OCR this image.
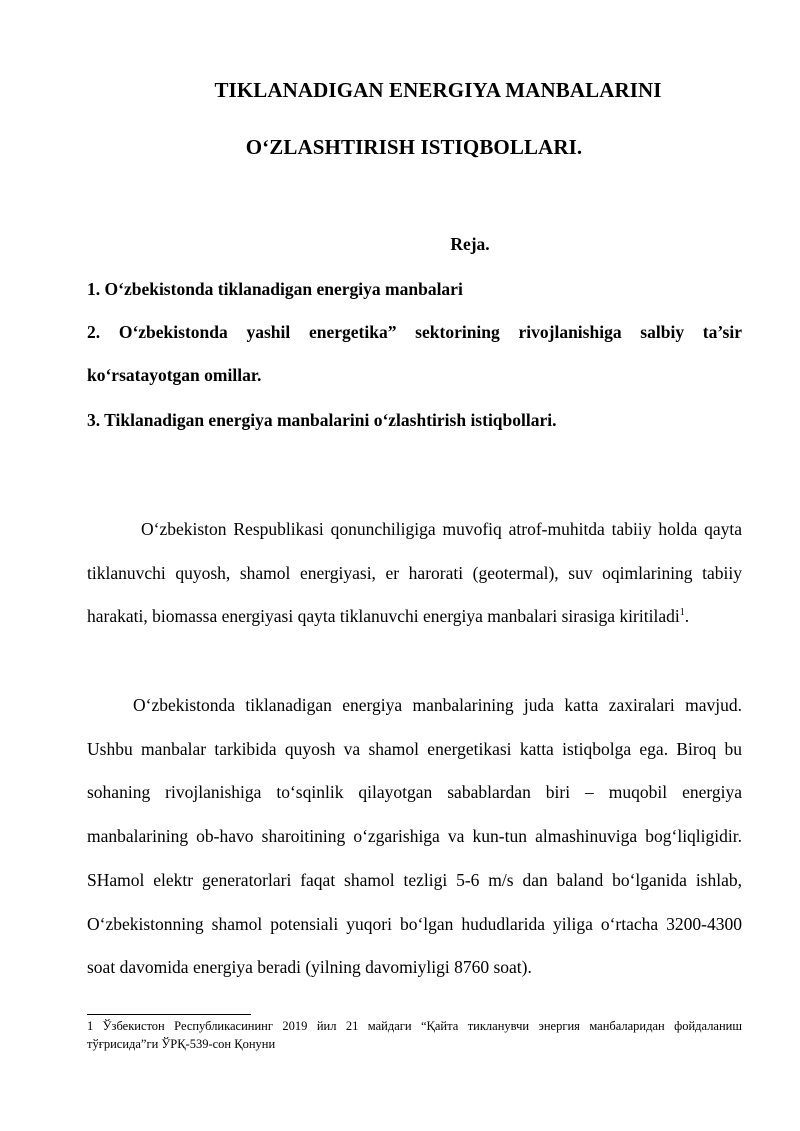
TIKLANADIGAN ENERGIYA MANBALARINI
O‘ZLASHTIRISH ISTIQBOLLARI.
Reja.
1. O‘zbekistonda tiklanadigan energiya manbalari
2. O‘zbekistonda yashil energetika” sektorining rivojlanishiga salbiy ta’sir
ko‘rsatayotgan omillar.
3. Tiklanadigan energiya manbalarini o‘zlashtirish istiqbollari.
O‘zbekiston Respublikasi qonunchiligiga muvofiq atrof-muhitda tabiiy holda qayta tiklanuvchi quyosh, shamol energiyasi, er harorati (geotermal), suv oqimlarining tabiiy harakati, biomassa energiyasi qayta tiklanuvchi energiya manbalari sirasiga kiritiladi$^1$.
O‘zbekistonda tiklanadigan energiya manbalarining juda katta zaxiralari mavjud. Ushbu manbalar tarkibida quyosh va shamol energetikasi katta istiqbolga ega. Biroq bu sohaning rivojlanishiga to‘sqinlik qilayotgan sabablardan biri – muqobil energiya manbalarining ob-havo sharoitining o‘zgarishiga va kun-tun almashinuviga bog‘liqligidir. SHamol elektr generatorlari faqat shamol tezligi 5-6 m/s dan baland bo‘lganida ishlab, O‘zbekistonning shamol potensiali yuqori bo‘lgan hududlarida yiliga o‘rtacha 3200-4300 soat davomida energiya beradi (yilning davomiyligi 8760 soat).
1 Ўзбекистон Республикасининг 2019 йил 21 майдаги “Қайта тикланувчи энергия манбаларидан фойдаланиш тўғрисида”ги ЎРҚ-539-сон Қонуни
